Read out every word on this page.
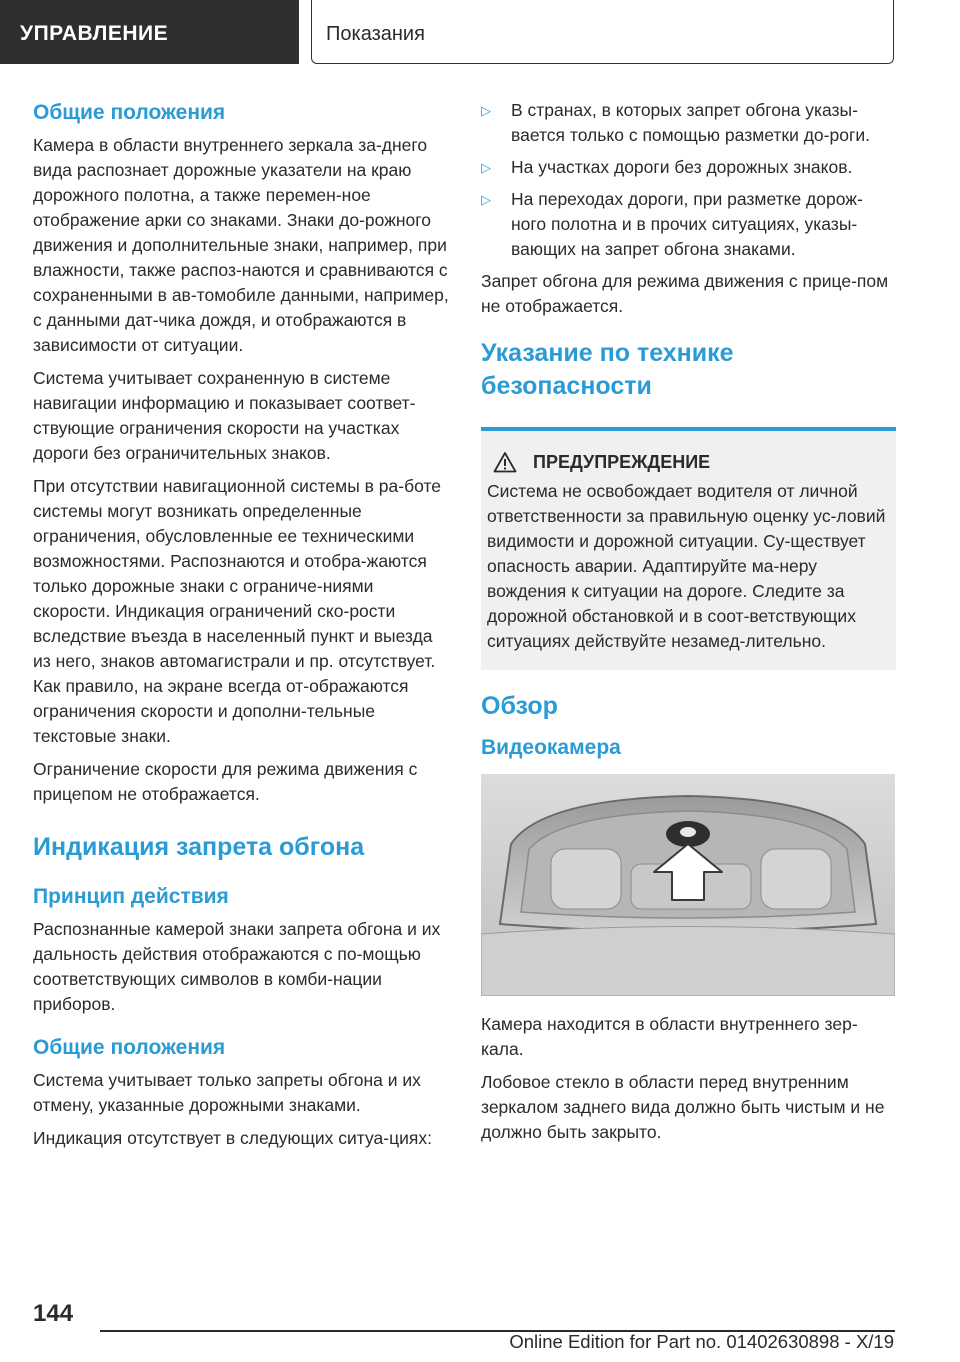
УПРАВЛЕНИЕ	Показания
Общие положения
Камера в области внутреннего зеркала за-днего вида распознает дорожные указатели на краю дорожного полотна, а также перемен-ное отображение арки со знаками. Знаки до-рожного движения и дополнительные знаки, например, при влажности, также распоз-наются и сравниваются с сохраненными в ав-томобиле данными, например, с данными дат-чика дождя, и отображаются в зависимости от ситуации.
Система учитывает сохраненную в системе навигации информацию и показывает соответ-ствующие ограничения скорости на участках дороги без ограничительных знаков.
При отсутствии навигационной системы в ра-боте системы могут возникать определенные ограничения, обусловленные ее техническими возможностями. Распознаются и отобра-жаются только дорожные знаки с ограниче-ниями скорости. Индикация ограничений ско-рости вследствие въезда в населенный пункт и выезда из него, знаков автомагистрали и пр. отсутствует. Как правило, на экране всегда от-ображаются ограничения скорости и дополни-тельные текстовые знаки.
Ограничение скорости для режима движения с прицепом не отображается.
Индикация запрета обгона
Принцип действия
Распознанные камерой знаки запрета обгона и их дальность действия отображаются с по-мощью соответствующих символов в комби-нации приборов.
Общие положения
Система учитывает только запреты обгона и их отмену, указанные дорожными знаками.
Индикация отсутствует в следующих ситуа-циях:
▷	В странах, в которых запрет обгона указы-вается только с помощью разметки до-роги.
▷	На участках дороги без дорожных знаков.
▷	На переходах дороги, при разметке дорож-ного полотна и в прочих ситуациях, указы-вающих на запрет обгона знаками.
Запрет обгона для режима движения с прице-пом не отображается.
Указание по технике безопасности
ПРЕДУПРЕЖДЕНИЕ
Система не освобождает водителя от личной ответственности за правильную оценку ус-ловий видимости и дорожной ситуации. Су-ществует опасность аварии. Адаптируйте ма-неру вождения к ситуации на дороге. Следите за дорожной обстановкой и в соот-ветствующих ситуациях действуйте незамед-лительно.
Обзор
Видеокамера
Камера находится в области внутреннего зер-кала.
Лобовое стекло в области перед внутренним зеркалом заднего вида должно быть чистым и не должно быть закрыто.
144
Online Edition for Part no. 01402630898 - X/19
